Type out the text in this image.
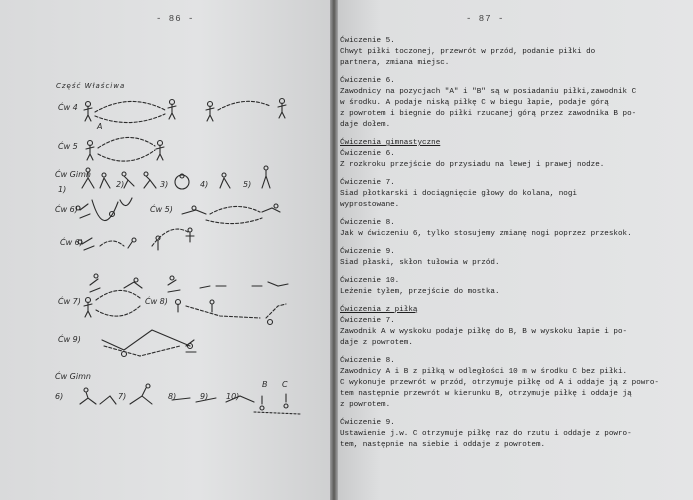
- 86 -
Część Właściwa
Ćw 4
Ćw 5
Ćw Gimn
1)
2)	3)	4)	5)
Ćw 6)
Ćw 6)
Ćw 5)
Ćw 8)
Ćw 7)
Ćw 9)
Ćw Gimn
6)	7)	8)	9) 10)
B C
A
- 87 -
Ćwiczenie 5.
Chwyt piłki toczonej, przewrót w przód, podanie piłki do
partnera, zmiana miejsc.
Ćwiczenie 6.
Zawodnicy na pozycjach "A" i "B" są w posiadaniu piłki,zawodnik C
w środku. A podaje niską piłkę C w biegu łapie, podaje górą
z powrotem i biegnie do piłki rzucanej górą przez zawodnika B po-
daje dołem.
Ćwiczenia gimnastyczne
Ćwiczenie 6.
Z rozkroku przejście do przysiadu na lewej i prawej nodze.
Ćwiczenie 7.
Siad płotkarski i dociągnięcie głowy do kolana, nogi
wyprostowane.
Ćwiczenie 8.
Jak w ćwiczeniu 6, tylko stosujemy zmianę nogi poprzez przeskok.
Ćwiczenie 9.
Siad płaski, skłon tułowia w przód.
Ćwiczenie 10.
Leżenie tyłem, przejście do mostka.
Ćwiczenia z piłką
Ćwiczenie 7.
Zawodnik A w wyskoku podaje piłkę do B, B w wyskoku łapie i po-
daje z powrotem.
Ćwiczenie 8.
Zawodnicy A i B z piłką w odległości 10 m w środku C bez piłki.
C wykonuje przewrót w przód, otrzymuje piłkę od A i oddaje ją z powro-
tem następnie przewrót w kierunku B, otrzymuje piłkę i oddaje ją
z powrotem.
Ćwiczenie 9.
Ustawienie j.w. C otrzymuje piłkę raz do rzutu i oddaje z powro-
tem, następnie na siebie i oddaje z powrotem.
